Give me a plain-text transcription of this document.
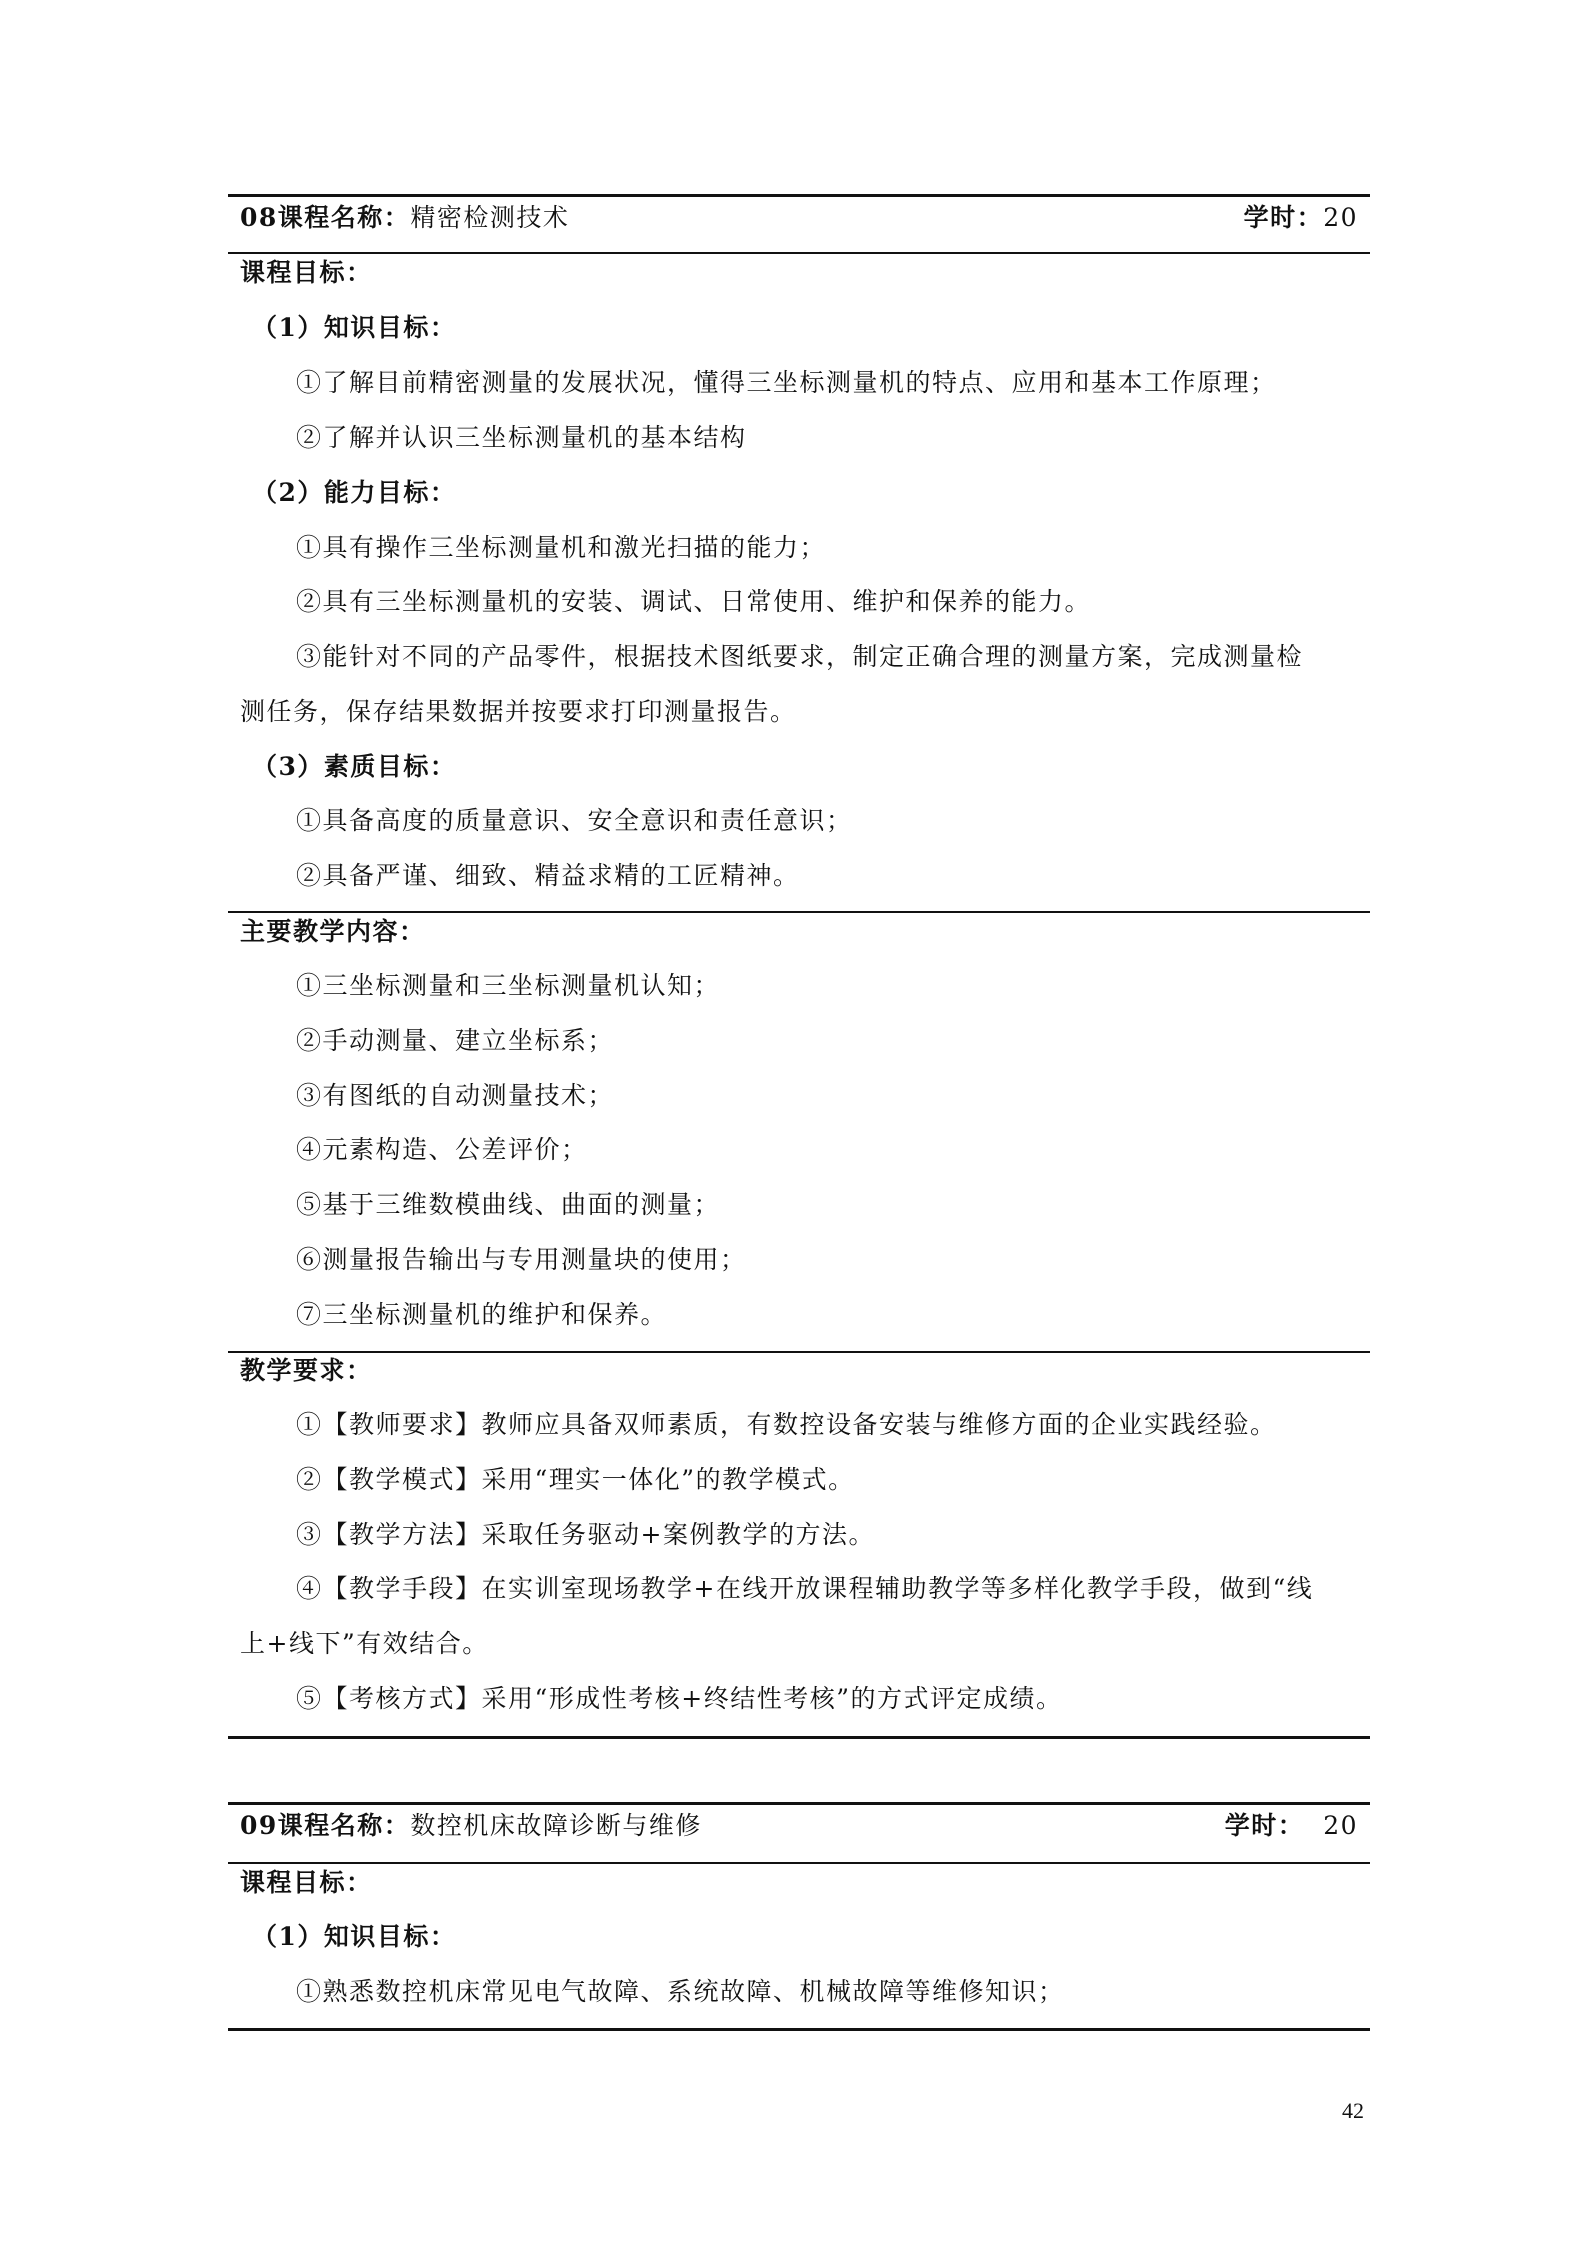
08课程名称：精密检测技术	学时：20
课程目标：
（1）知识目标：
①了解目前精密测量的发展状况，懂得三坐标测量机的特点、应用和基本工作原理；
②了解并认识三坐标测量机的基本结构
（2）能力目标：
①具有操作三坐标测量机和激光扫描的能力；
②具有三坐标测量机的安装、调试、日常使用、维护和保养的能力。
③能针对不同的产品零件，根据技术图纸要求，制定正确合理的测量方案，完成测量检
测任务，保存结果数据并按要求打印测量报告。
（3）素质目标：
①具备高度的质量意识、安全意识和责任意识；
②具备严谨、细致、精益求精的工匠精神。
主要教学内容：
①三坐标测量和三坐标测量机认知；
②手动测量、建立坐标系；
③有图纸的自动测量技术；
④元素构造、公差评价；
⑤基于三维数模曲线、曲面的测量；
⑥测量报告输出与专用测量块的使用；
⑦三坐标测量机的维护和保养。
教学要求：
①【教师要求】教师应具备双师素质，有数控设备安装与维修方面的企业实践经验。
②【教学模式】采用“理实一体化”的教学模式。
③【教学方法】采取任务驱动+案例教学的方法。
④【教学手段】在实训室现场教学+在线开放课程辅助教学等多样化教学手段，做到“线
上+线下”有效结合。
⑤【考核方式】采用“形成性考核+终结性考核”的方式评定成绩。
09课程名称：数控机床故障诊断与维修	学时： 20
课程目标：
（1）知识目标：
①熟悉数控机床常见电气故障、系统故障、机械故障等维修知识；
42
